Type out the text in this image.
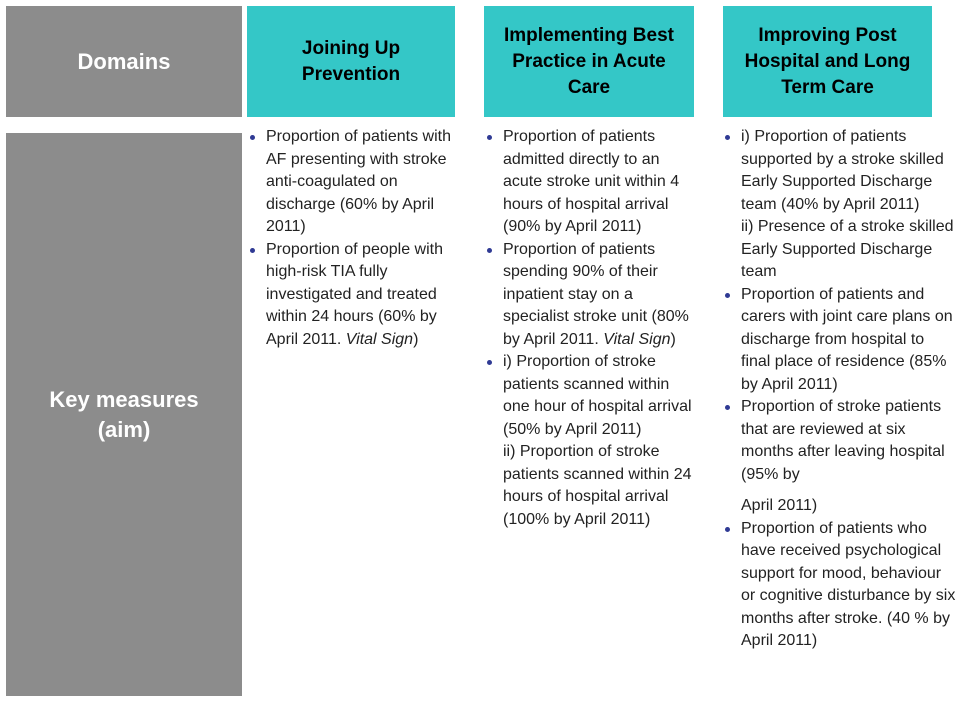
Domains
Key measures
(aim)
Joining Up
Prevention
Implementing Best
Practice in Acute
Care
Improving Post
Hospital and Long
Term Care
Proportion of patients with AF presenting with stroke anti-coagulated on discharge (60% by April 2011)
Proportion of people with high-risk TIA fully investigated and treated within 24 hours (60% by April 2011. Vital Sign)
Proportion of patients admitted directly to an acute stroke unit within 4 hours of hospital arrival (90% by April 2011)
Proportion of patients spending 90% of their inpatient stay on a specialist stroke unit (80% by April 2011. Vital Sign)
i) Proportion of stroke patients scanned within one hour of hospital arrival (50% by April 2011)
ii) Proportion of stroke patients scanned within 24 hours of hospital arrival (100% by April 2011)
i) Proportion of patients supported by a stroke skilled Early Supported Discharge team (40% by April 2011)
ii) Presence of a stroke skilled Early Supported Discharge team
Proportion of patients and carers with joint care plans on discharge from hospital to final place of residence (85% by April 2011)
Proportion of stroke patients that are reviewed at six months after leaving hospital (95% by
April 2011)
Proportion of patients who have received psychological support for mood, behaviour or cognitive disturbance by six months after stroke. (40 % by April 2011)
